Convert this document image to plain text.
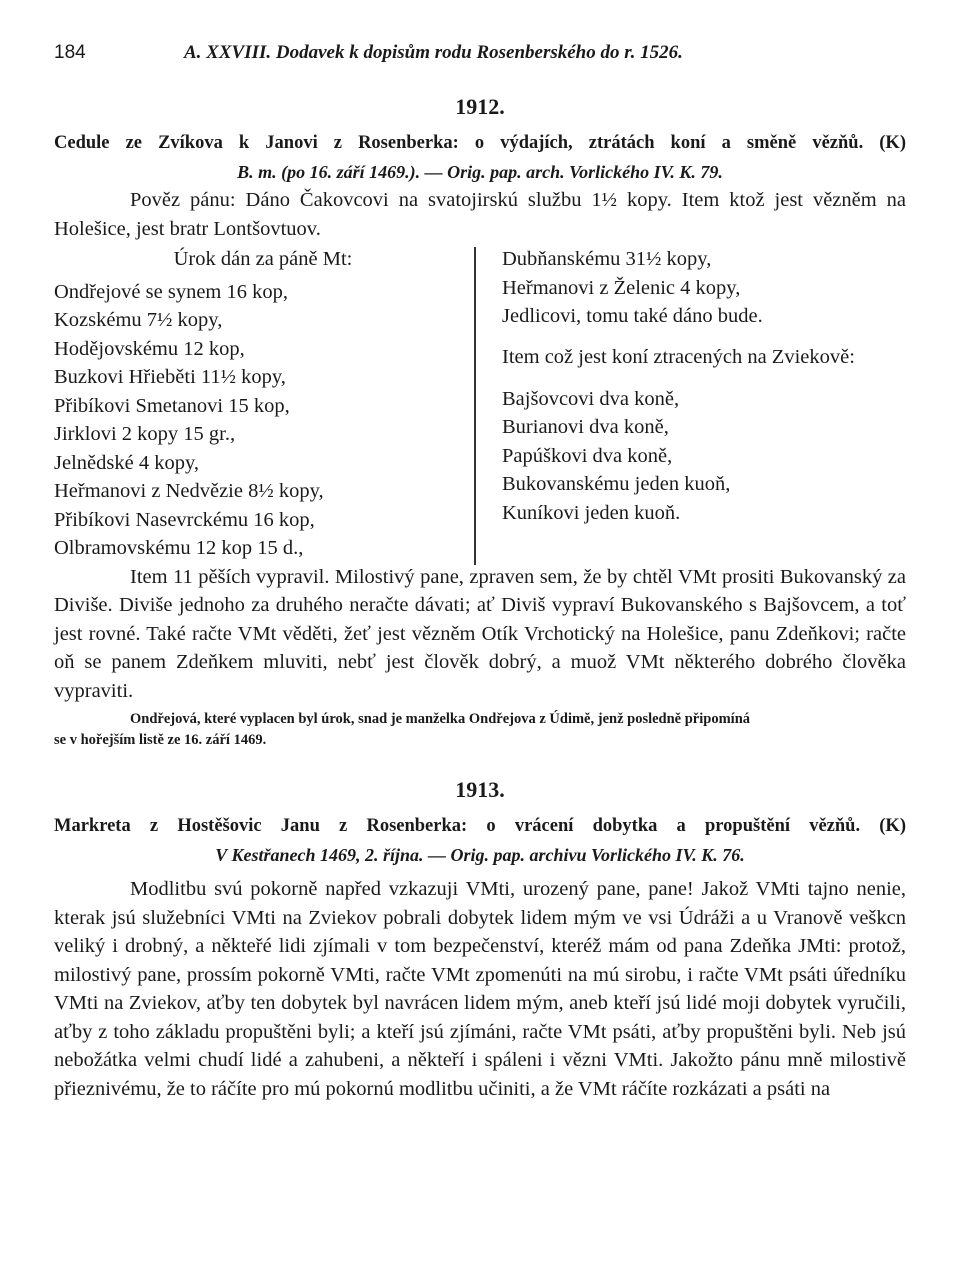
184	A. XXVIII. Dodavek k dopisům rodu Rosenberského do r. 1526.
1912.
Cedule ze Zvíkova k Janovi z Rosenberka: o výdajích, ztrátách koní a směně vězňů. (K)
B. m. (po 16. září 1469.). — Orig. pap. arch. Vorlického IV. K. 79.

Pověz pánu: Dáno Čakovcovi na svatojirskú službu 1½ kopy. Item ktož jest vězněm na Holešice, jest bratr Lontšovtuov.

Úrok dán za páně Mt:
Ondřejové se synem 16 kop,
Kozskému 7½ kopy,
Hodějovskému 12 kop,
Buzkovi Hřieběti 11½ kopy,
Přibíkovi Smetanovi 15 kop,
Jirklovi 2 kopy 15 gr.,
Jelnědské 4 kopy,
Heřmanovi z Nedvězie 8½ kopy,
Přibíkovi Nasevrckému 16 kop,
Olbramovskému 12 kop 15 d.,
Dubňanskému 31½ kopy,
Heřmanovi z Želenic 4 kopy,
Jedlicovi, tomu také dáno bude.
Item což jest koní ztracených na Zviekově:
Bajšovcovi dva koně,
Burianovi dva koně,
Papúškovi dva koně,
Bukovanskému jeden kuoň,
Kuníkovi jeden kuoň.

Item 11 pěších vypravil. Milostivý pane, zpraven sem, že by chtěl VMt prositi Bukovanský za Diviše. Diviše jednoho za druhého neračte dávati; ať Diviš vypraví Bukovanského s Bajšovcem, a toť jest rovné. Také račte VMt věděti, žeť jest vězněm Otík Vrchotický na Holešice, panu Zdeňkovi; račte oň se panem Zdeňkem mluviti, nebť jest člověk dobrý, a muož VMt některého dobrého člověka vypraviti.

Ondřejová, které vyplacen byl úrok, snad je manželka Ondřejova z Údimě, jenž posledně připomíná
se v hořejším listě ze 16. září 1469.
1913.
Markreta z Hostěšovic Janu z Rosenberka: o vrácení dobytka a propuštění vězňů. (K)
V Kestřanech 1469, 2. října. — Orig. pap. archivu Vorlického IV. K. 76.

Modlitbu svú pokorně napřed vzkazuji VMti, urozený pane, pane! Jakož VMti tajno nenie, kterak jsú služebníci VMti na Zviekov pobrali dobytek lidem mým ve vsi Údráži a u Vranově veškcn veliký i drobný, a někteřé lidi zjímali v tom bezpečenství, kteréž mám od pana Zdeňka JMti: protož, milostivý pane, prossím pokorně VMti, račte VMt zpomenúti na mú sirobu, i račte VMt psáti úředníku VMti na Zviekov, aťby ten dobytek byl navrácen lidem mým, aneb kteří jsú lidé moji dobytek vyručili, aťby z toho základu propuštěni byli; a kteří jsú zjímáni, račte VMt psáti, aťby propuštěni byli. Neb jsú nebožátka velmi chudí lidé a zahubeni, a někteří i spáleni i vězni VMti. Jakožto pánu mně milostivě přieznivému, že to ráčíte pro mú pokornú modlitbu učiniti, a že VMt ráčíte rozkázati a psáti na
